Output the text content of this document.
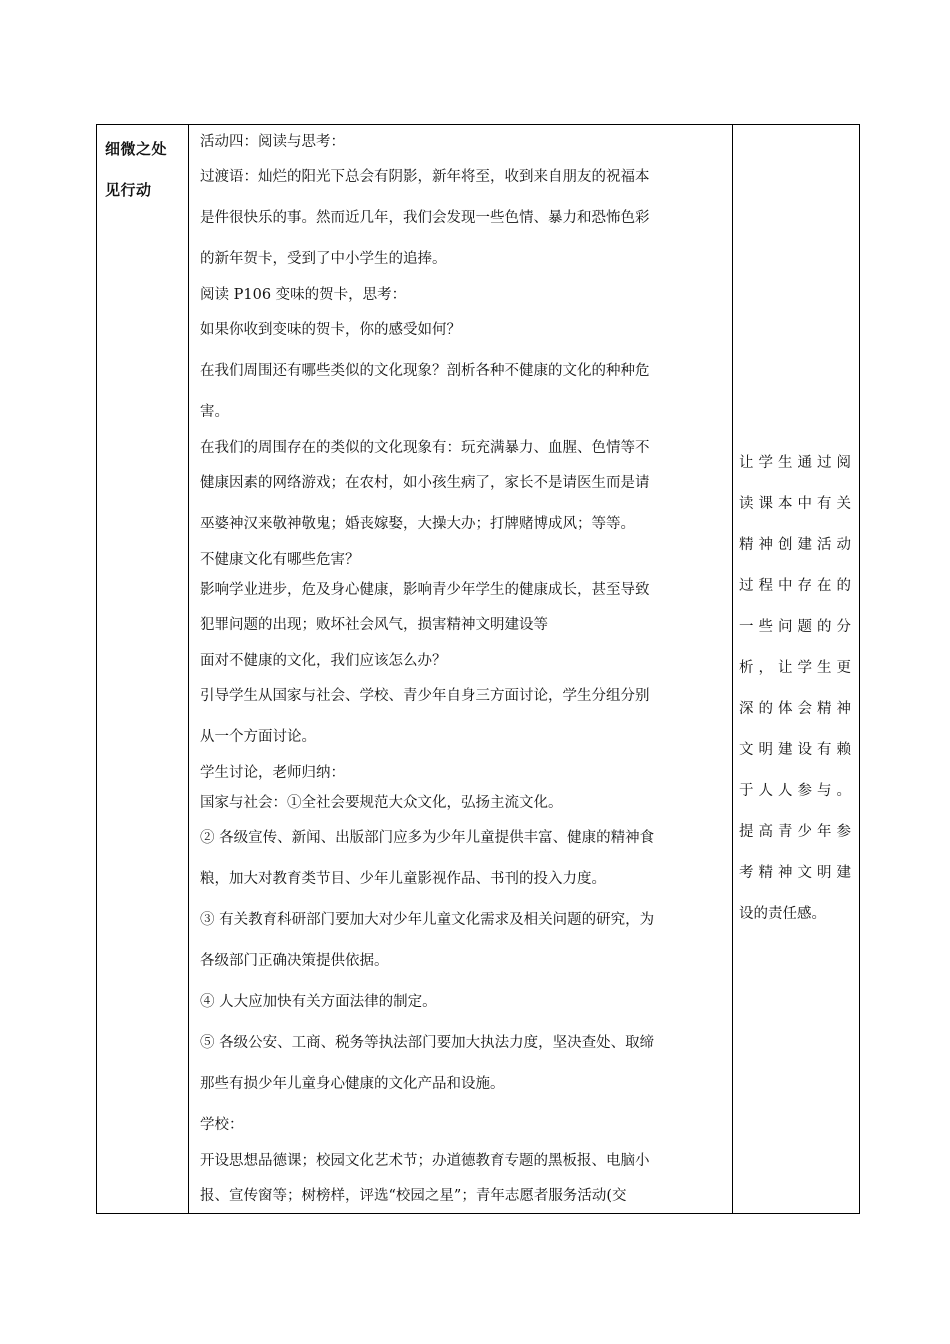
细微之处
见行动

活动四：阅读与思考：

过渡语：灿烂的阳光下总会有阴影，新年将至，收到来自朋友的祝福本

是件很快乐的事。然而近几年，我们会发现一些色情、暴力和恐怖色彩

的新年贺卡，受到了中小学生的追捧。

阅读 P106 变味的贺卡，思考：

如果你收到变味的贺卡，你的感受如何？

在我们周围还有哪些类似的文化现象？剖析各种不健康的文化的种种危

害。

在我们的周围存在的类似的文化现象有：玩充满暴力、血腥、色情等不

健康因素的网络游戏；在农村，如小孩生病了，家长不是请医生而是请

巫婆神汉来敬神敬鬼；婚丧嫁娶，大操大办；打牌赌博成风；等等。

不健康文化有哪些危害？

影响学业进步，危及身心健康，影响青少年学生的健康成长，甚至导致

犯罪问题的出现；败坏社会风气，损害精神文明建设等

面对不健康的文化，我们应该怎么办？

引导学生从国家与社会、学校、青少年自身三方面讨论，学生分组分别

从一个方面讨论。

学生讨论，老师归纳：

国家与社会：①全社会要规范大众文化，弘扬主流文化。

② 各级宣传、新闻、出版部门应多为少年儿童提供丰富、健康的精神食

粮，加大对教育类节目、少年儿童影视作品、书刊的投入力度。

③ 有关教育科研部门要加大对少年儿童文化需求及相关问题的研究，为

各级部门正确决策提供依据。

④ 人大应加快有关方面法律的制定。

⑤ 各级公安、工商、税务等执法部门要加大执法力度，坚决查处、取缔

那些有损少年儿童身心健康的文化产品和设施。

学校：

开设思想品德课；校园文化艺术节；办道德教育专题的黑板报、电脑小

报、宣传窗等；树榜样，评选“校园之星”；青年志愿者服务活动(交

让学生通过阅
读课本中有关
精神创建活动
过程中存在的
一些问题的分
析，让学生更
深的体会精神
文明建设有赖
于人人参与。
提高青少年参
考精神文明建
设的责任感。
